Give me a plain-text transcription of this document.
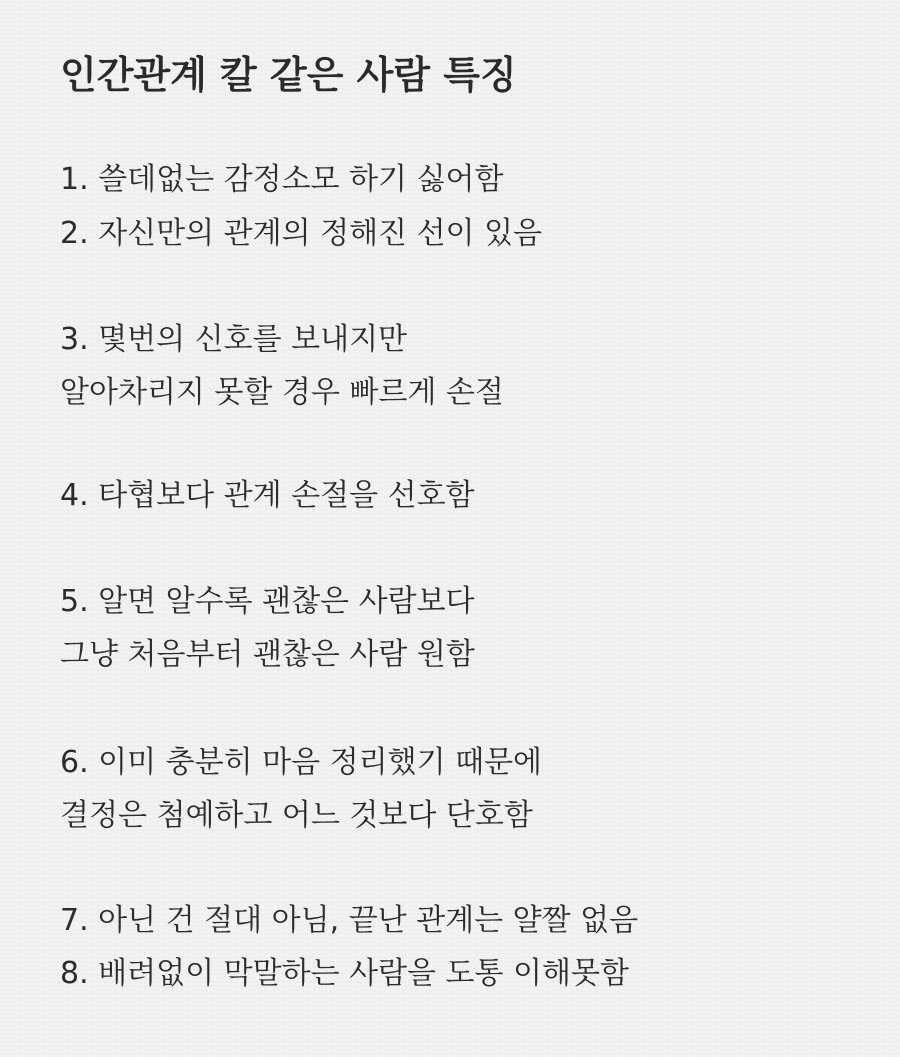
인간관계 칼 같은 사람 특징

1. 쓸데없는 감정소모 하기 싫어함

2. 자신만의 관계의 정해진 선이 있음

3. 몇번의 신호를 보내지만

알아차리지 못할 경우 빠르게 손절

4. 타협보다 관계 손절을 선호함

5. 알면 알수록 괜찮은 사람보다

그냥 처음부터 괜찮은 사람 원함

6. 이미 충분히 마음 정리했기 때문에

결정은 첨예하고 어느 것보다 단호함

7. 아닌 건 절대 아님, 끝난 관계는 얄짤 없음

8. 배려없이 막말하는 사람을 도통 이해못함
